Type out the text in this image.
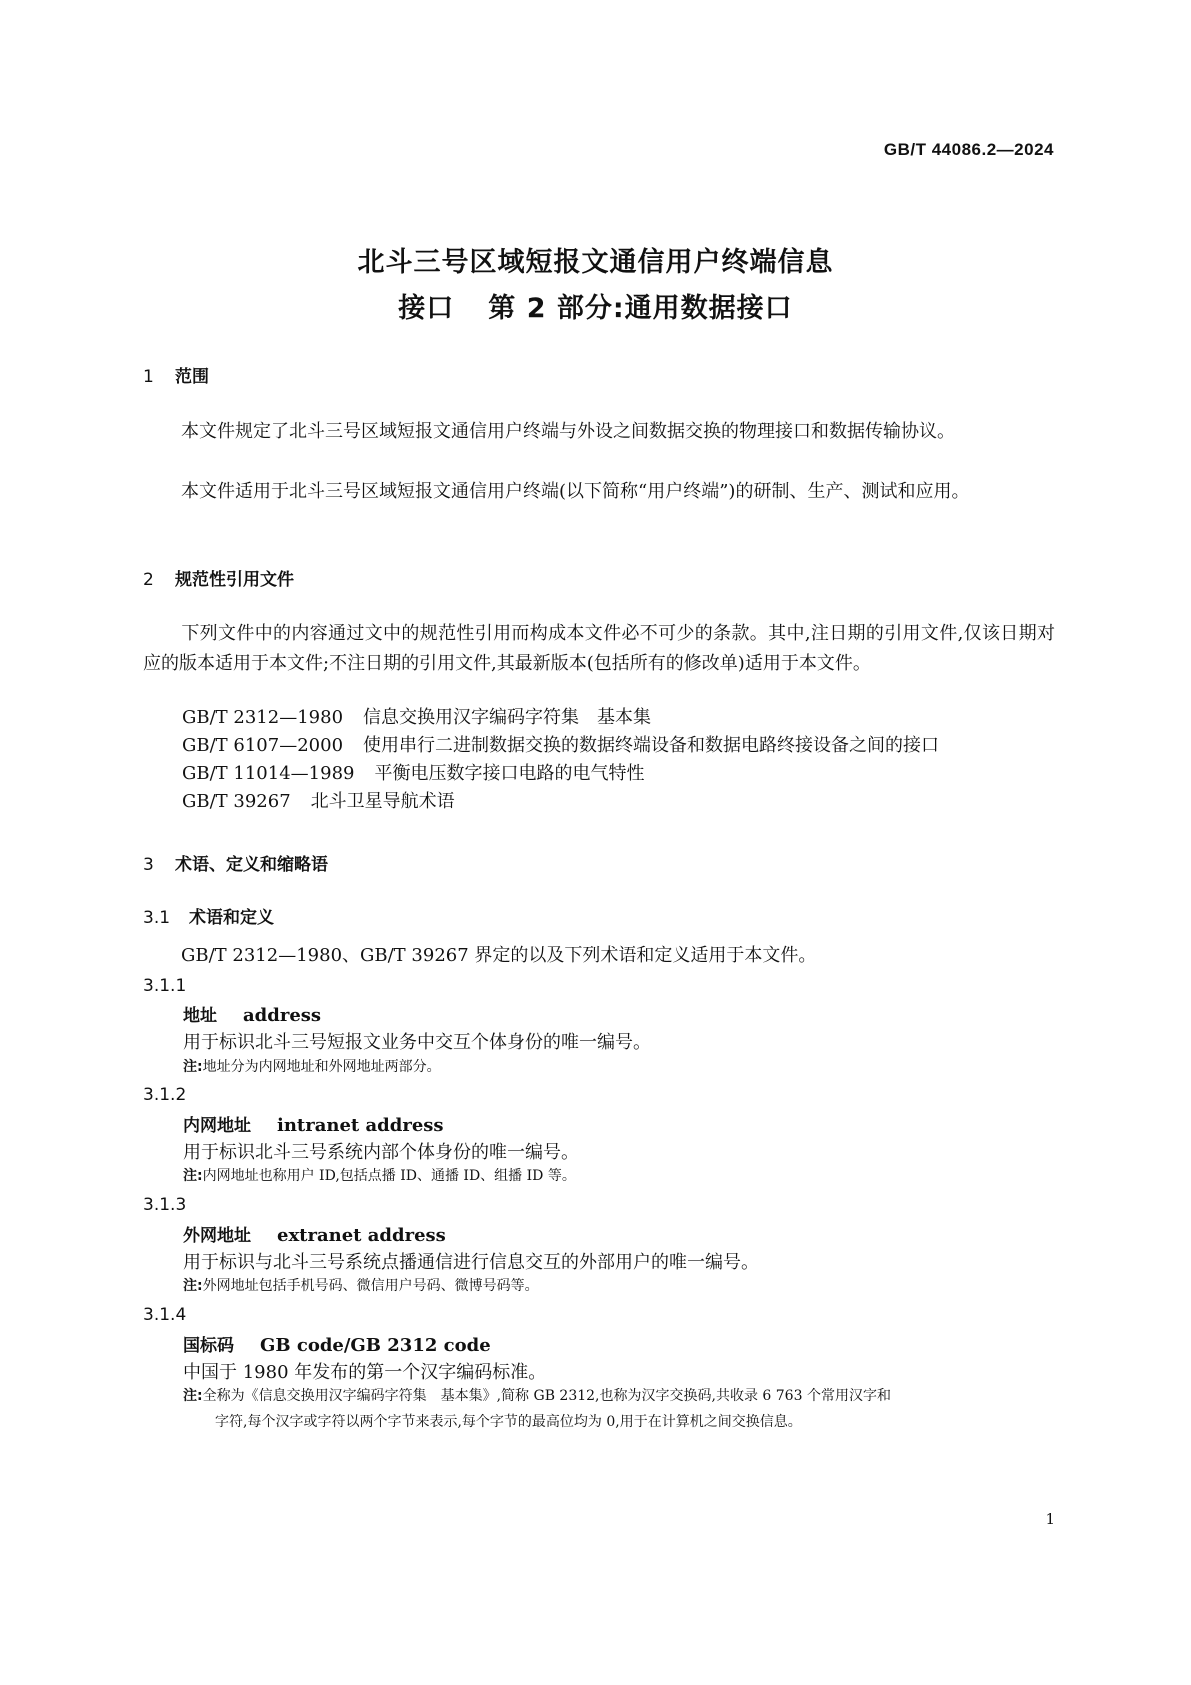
GB/T 44086.2—2024
北斗三号区域短报文通信用户终端信息
接口 第 2 部分:通用数据接口
1 范围
本文件规定了北斗三号区域短报文通信用户终端与外设之间数据交换的物理接口和数据传输协议。
本文件适用于北斗三号区域短报文通信用户终端(以下简称“用户终端”)的研制、生产、测试和应用。
2 规范性引用文件
下列文件中的内容通过文中的规范性引用而构成本文件必不可少的条款。其中,注日期的引用文件,仅该日期对应的版本适用于本文件;不注日期的引用文件,其最新版本(包括所有的修改单)适用于本文件。
GB/T 2312—1980 信息交换用汉字编码字符集　基本集
GB/T 6107—2000 使用串行二进制数据交换的数据终端设备和数据电路终接设备之间的接口
GB/T 11014—1989 平衡电压数字接口电路的电气特性
GB/T 39267 北斗卫星导航术语
3 术语、定义和缩略语
3.1 术语和定义
GB/T 2312—1980、GB/T 39267 界定的以及下列术语和定义适用于本文件。
3.1.1
地址 address
用于标识北斗三号短报文业务中交互个体身份的唯一编号。
注:地址分为内网地址和外网地址两部分。
3.1.2
内网地址 intranet address
用于标识北斗三号系统内部个体身份的唯一编号。
注:内网地址也称用户 ID,包括点播 ID、通播 ID、组播 ID 等。
3.1.3
外网地址 extranet address
用于标识与北斗三号系统点播通信进行信息交互的外部用户的唯一编号。
注:外网地址包括手机号码、微信用户号码、微博号码等。
3.1.4
国标码 GB code/GB 2312 code
中国于 1980 年发布的第一个汉字编码标准。
注:全称为《信息交换用汉字编码字符集　基本集》,简称 GB 2312,也称为汉字交换码,共收录 6 763 个常用汉字和
字符,每个汉字或字符以两个字节来表示,每个字节的最高位均为 0,用于在计算机之间交换信息。
1
